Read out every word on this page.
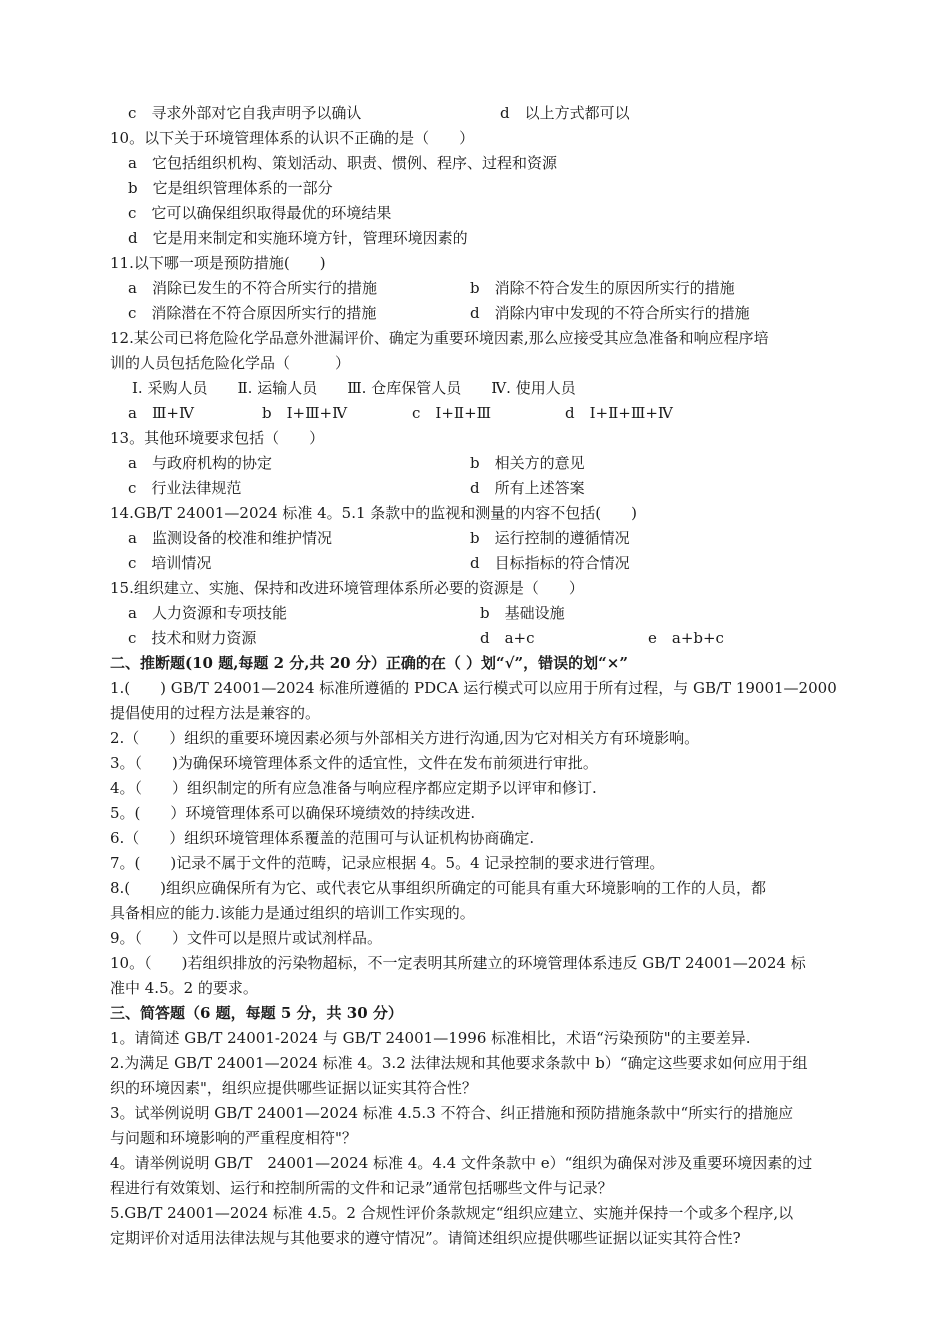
c　寻求外部对它自我声明予以确认	d　以上方式都可以
10。以下关于环境管理体系的认识不正确的是（　　）
a　它包括组织机构、策划活动、职责、惯例、程序、过程和资源
b　它是组织管理体系的一部分
c　它可以确保组织取得最优的环境结果
d　它是用来制定和实施环境方针，管理环境因素的
11.以下哪一项是预防措施(　　)
a　消除已发生的不符合所实行的措施	b　消除不符合发生的原因所实行的措施
c　消除潜在不符合原因所实行的措施	d　消除内审中发现的不符合所实行的措施
12.某公司已将危险化学品意外泄漏评价、确定为重要环境因素,那么应接受其应急准备和响应程序培
训的人员包括危险化学品（　　　）
Ⅰ. 采购人员　　Ⅱ. 运输人员　　Ⅲ. 仓库保管人员　　Ⅳ. 使用人员
a　Ⅲ+Ⅳ	b　Ⅰ+Ⅲ+Ⅳ	c　Ⅰ+Ⅱ+Ⅲ	d　Ⅰ+Ⅱ+Ⅲ+Ⅳ
13。其他环境要求包括（　　）
a　与政府机构的协定	b　相关方的意见
c　行业法律规范	d　所有上述答案
14.GB/T 24001—2024 标准 4。5.1 条款中的监视和测量的内容不包括(　　)
a　监测设备的校准和维护情况	b　运行控制的遵循情况
c　培训情况	d　目标指标的符合情况
15.组织建立、实施、保持和改进环境管理体系所必要的资源是（　　）
a　人力资源和专项技能	b　基础设施
c　技术和财力资源	d　a+c	e　a+b+c
二、推断题(10 题,每题 2 分,共 20 分）正确的在（ ）划“√”，错误的划“×”
1.(　　) GB/T 24001—2024 标准所遵循的 PDCA 运行模式可以应用于所有过程，与 GB/T 19001—2000
提倡使用的过程方法是兼容的。
2.（　　）组织的重要环境因素必须与外部相关方进行沟通,因为它对相关方有环境影响。
3。（　　)为确保环境管理体系文件的适宜性，文件在发布前须进行审批。
4。（　　）组织制定的所有应急准备与响应程序都应定期予以评审和修订.
5。(　　）环境管理体系可以确保环境绩效的持续改进.
6.（　　）组织环境管理体系覆盖的范围可与认证机构协商确定.
7。(　　)记录不属于文件的范畴，记录应根据 4。5。4 记录控制的要求进行管理。
8.(　　)组织应确保所有为它、或代表它从事组织所确定的可能具有重大环境影响的工作的人员，都
具备相应的能力.该能力是通过组织的培训工作实现的。
9。（　　）文件可以是照片或试剂样品。
10。（　　)若组织排放的污染物超标，不一定表明其所建立的环境管理体系违反 GB/T 24001—2024 标
准中 4.5。2 的要求。
三、简答题（6 题，每题 5 分，共 30 分）
1。请简述 GB/T 24001-2024 与 GB/T 24001—1996 标准相比，术语“污染预防"的主要差异.
2.为满足 GB/T 24001—2024 标准 4。3.2 法律法规和其他要求条款中 b）“确定这些要求如何应用于组
织的环境因素"，组织应提供哪些证据以证实其符合性？
3。试举例说明 GB/T 24001—2024 标准 4.5.3 不符合、纠正措施和预防措施条款中“所实行的措施应
与问题和环境影响的严重程度相符"？
4。请举例说明 GB/T　24001—2024 标准 4。4.4 文件条款中 e）“组织为确保对涉及重要环境因素的过
程进行有效策划、运行和控制所需的文件和记录”通常包括哪些文件与记录？
5.GB/T 24001—2024 标准 4.5。2 合规性评价条款规定“组织应建立、实施并保持一个或多个程序,以
定期评价对适用法律法规与其他要求的遵守情况”。请简述组织应提供哪些证据以证实其符合性?
